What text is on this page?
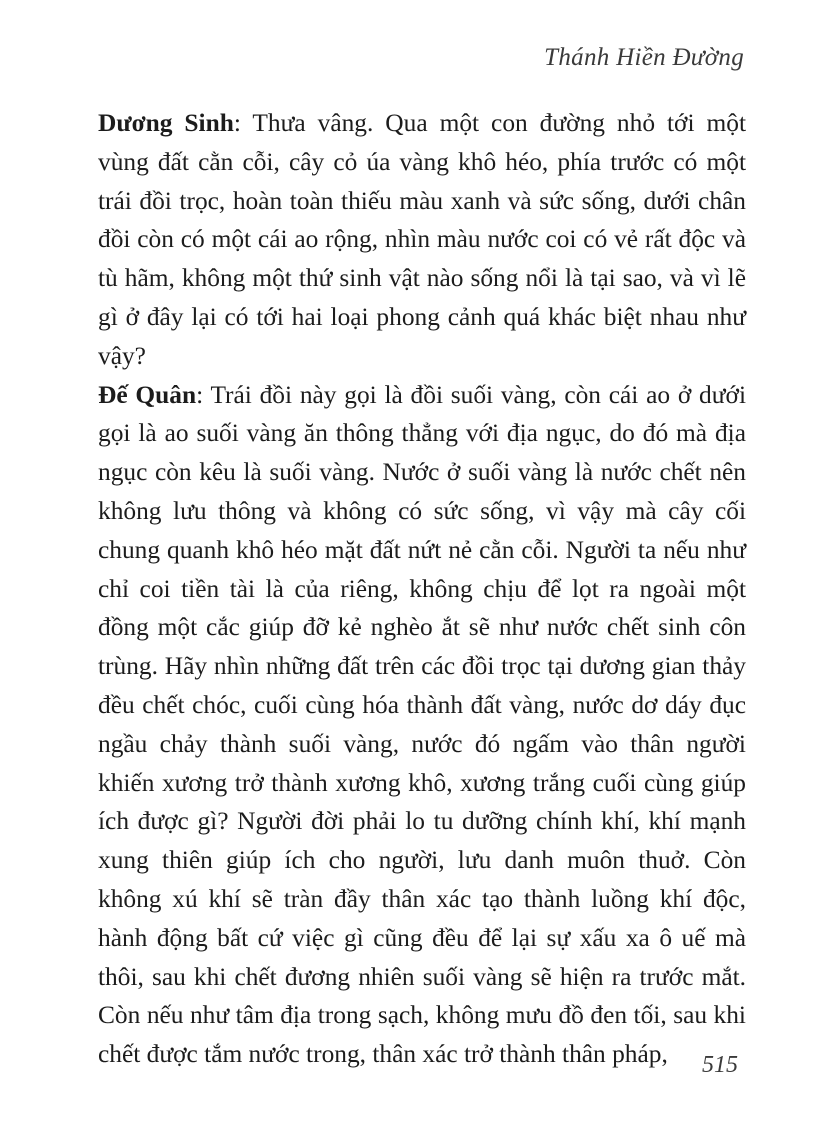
Thánh Hiền Đường

Dương Sinh: Thưa vâng. Qua một con đường nhỏ tới một vùng đất cằn cỗi, cây cỏ úa vàng khô héo, phía trước có một trái đồi trọc, hoàn toàn thiếu màu xanh và sức sống, dưới chân đồi còn có một cái ao rộng, nhìn màu nước coi có vẻ rất độc và tù hãm, không một thứ sinh vật nào sống nổi là tại sao, và vì lẽ gì ở đây lại có tới hai loại phong cảnh quá khác biệt nhau như vậy?

Đế Quân: Trái đồi này gọi là đồi suối vàng, còn cái ao ở dưới gọi là ao suối vàng ăn thông thẳng với địa ngục, do đó mà địa ngục còn kêu là suối vàng. Nước ở suối vàng là nước chết nên không lưu thông và không có sức sống, vì vậy mà cây cối chung quanh khô héo mặt đất nứt nẻ cằn cỗi. Người ta nếu như chỉ coi tiền tài là của riêng, không chịu để lọt ra ngoài một đồng một cắc giúp đỡ kẻ nghèo ắt sẽ như nước chết sinh côn trùng. Hãy nhìn những đất trên các đồi trọc tại dương gian thảy đều chết chóc, cuối cùng hóa thành đất vàng, nước dơ dáy đục ngầu chảy thành suối vàng, nước đó ngấm vào thân người khiến xương trở thành xương khô, xương trắng cuối cùng giúp ích được gì? Người đời phải lo tu dưỡng chính khí, khí mạnh xung thiên giúp ích cho người, lưu danh muôn thuở. Còn không xú khí sẽ tràn đầy thân xác tạo thành luồng khí độc, hành động bất cứ việc gì cũng đều để lại sự xấu xa ô uế mà thôi, sau khi chết đương nhiên suối vàng sẽ hiện ra trước mắt. Còn nếu như tâm địa trong sạch, không mưu đồ đen tối, sau khi chết được tắm nước trong, thân xác trở thành thân pháp,	515
